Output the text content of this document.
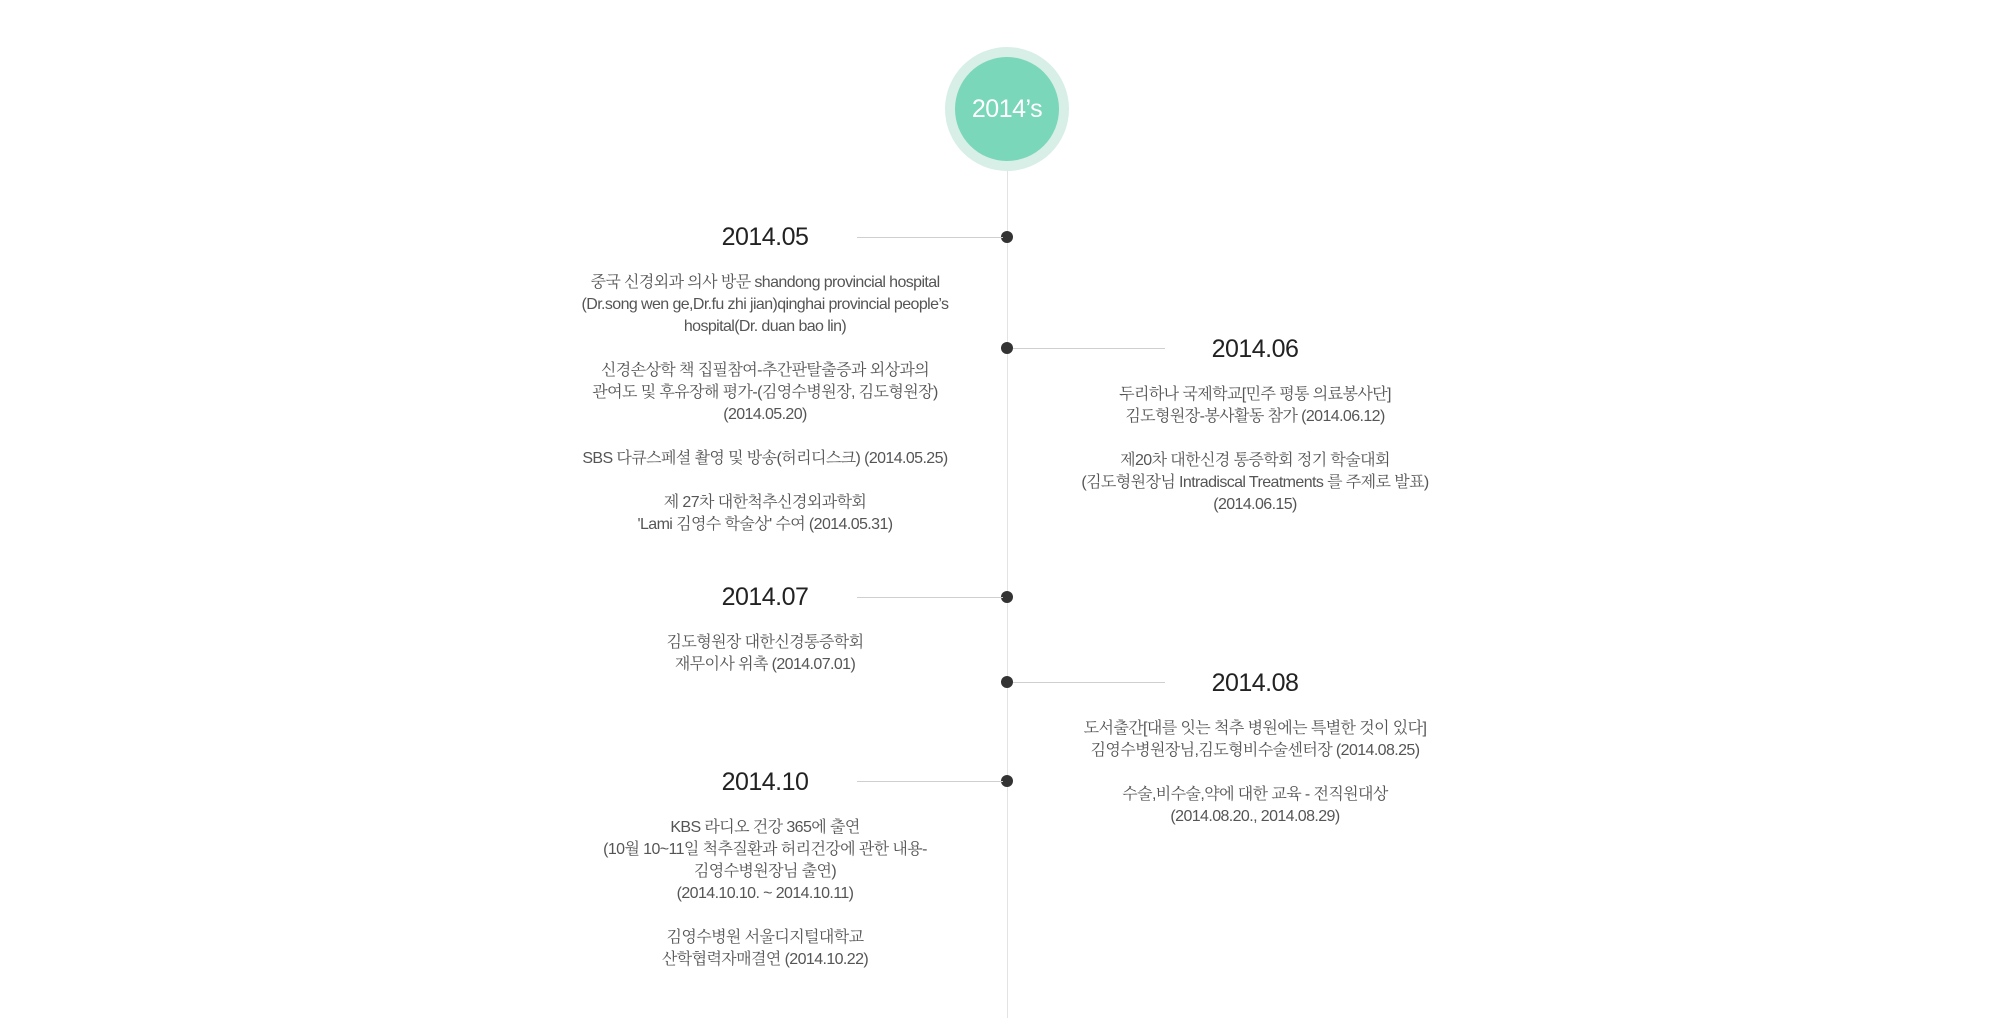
2014’s
2014.05
중국 신경외과 의사 방문 shandong provincial hospital
(Dr.song wen ge,Dr.fu zhi jian)qinghai provincial people’s
hospital(Dr. duan bao lin)
신경손상학 책 집필참여-추간판탈출증과 외상과의
관여도 및 후유장해 평가-(김영수병원장, 김도형원장)
(2014.05.20)
SBS 다큐스페셜 촬영 및 방송(허리디스크) (2014.05.25)
제 27차 대한척추신경외과학회
'Lami 김영수 학술상' 수여 (2014.05.31)
2014.06
두리하나 국제학교[민주 평통 의료봉사단]
김도형원장-봉사활동 참가 (2014.06.12)
제20차 대한신경 통증학회 정기 학술대회
(김도형원장님 Intradiscal Treatments 를 주제로 발표)
(2014.06.15)
2014.07
김도형원장 대한신경통증학회
재무이사 위촉 (2014.07.01)
2014.08
도서출간[대를 잇는 척추 병원에는 특별한 것이 있다]
김영수병원장님,김도형비수술센터장 (2014.08.25)
수술,비수술,약에 대한 교육 - 전직원대상
(2014.08.20., 2014.08.29)
2014.10
KBS 라디오 건강 365에 출연
(10월 10~11일 척추질환과 허리건강에 관한 내용-
김영수병원장님 출연)
(2014.10.10. ~ 2014.10.11)
김영수병원 서울디지털대학교
산학협력자매결연 (2014.10.22)
